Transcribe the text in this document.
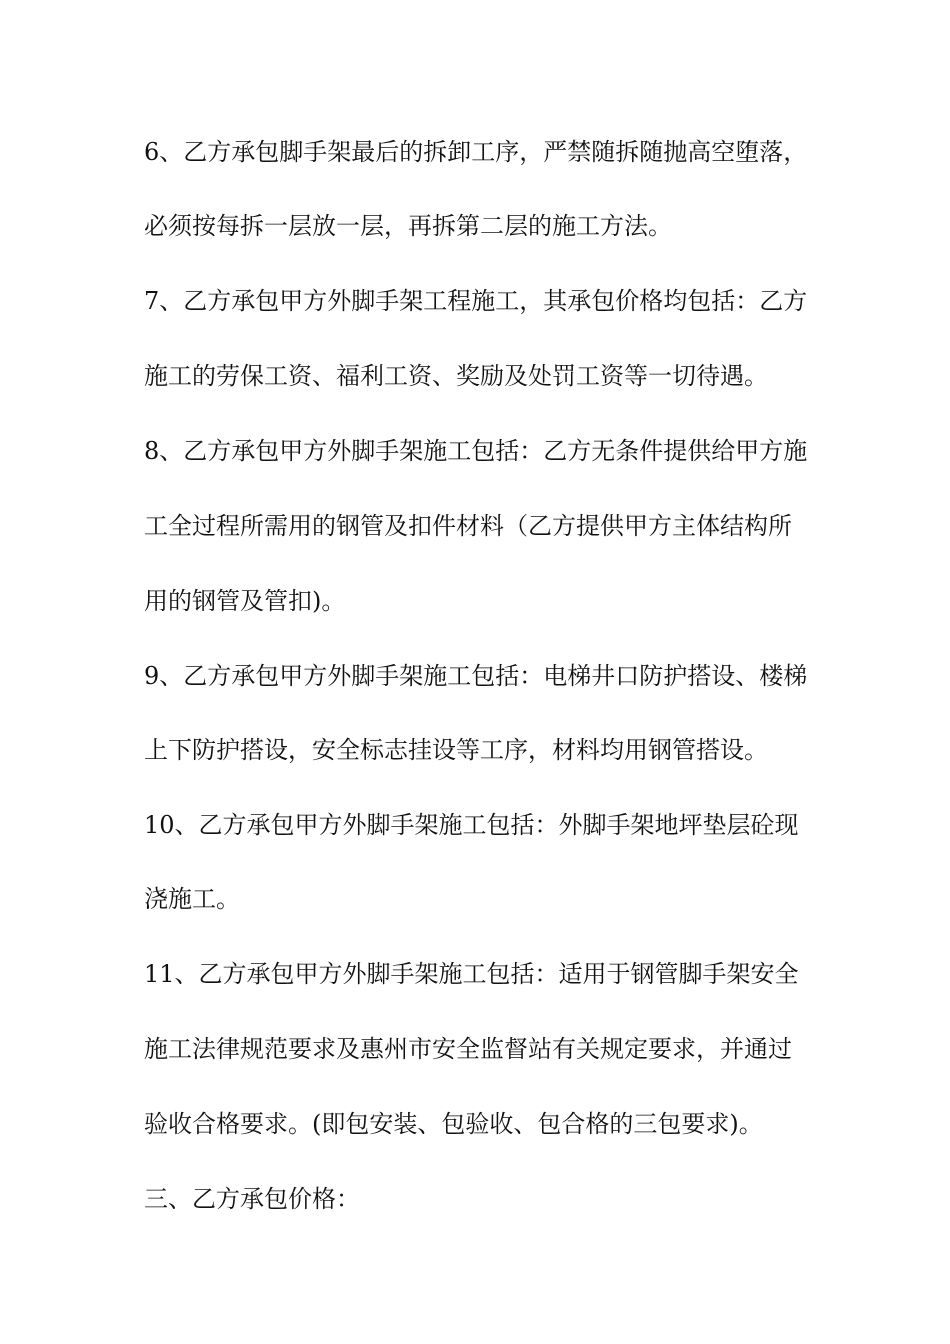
6、乙方承包脚手架最后的拆卸工序，严禁随拆随抛高空堕落，

必须按每拆一层放一层，再拆第二层的施工方法。

7、乙方承包甲方外脚手架工程施工，其承包价格均包括：乙方

施工的劳保工资、福利工资、奖励及处罚工资等一切待遇。

8、乙方承包甲方外脚手架施工包括：乙方无条件提供给甲方施

工全过程所需用的钢管及扣件材料（乙方提供甲方主体结构所

用的钢管及管扣)。

9、乙方承包甲方外脚手架施工包括：电梯井口防护搭设、楼梯

上下防护搭设，安全标志挂设等工序，材料均用钢管搭设。

10、乙方承包甲方外脚手架施工包括：外脚手架地坪垫层砼现

浇施工。

11、乙方承包甲方外脚手架施工包括：适用于钢管脚手架安全

施工法律规范要求及惠州市安全监督站有关规定要求，并通过

验收合格要求。(即包安装、包验收、包合格的三包要求)。

三、乙方承包价格：
